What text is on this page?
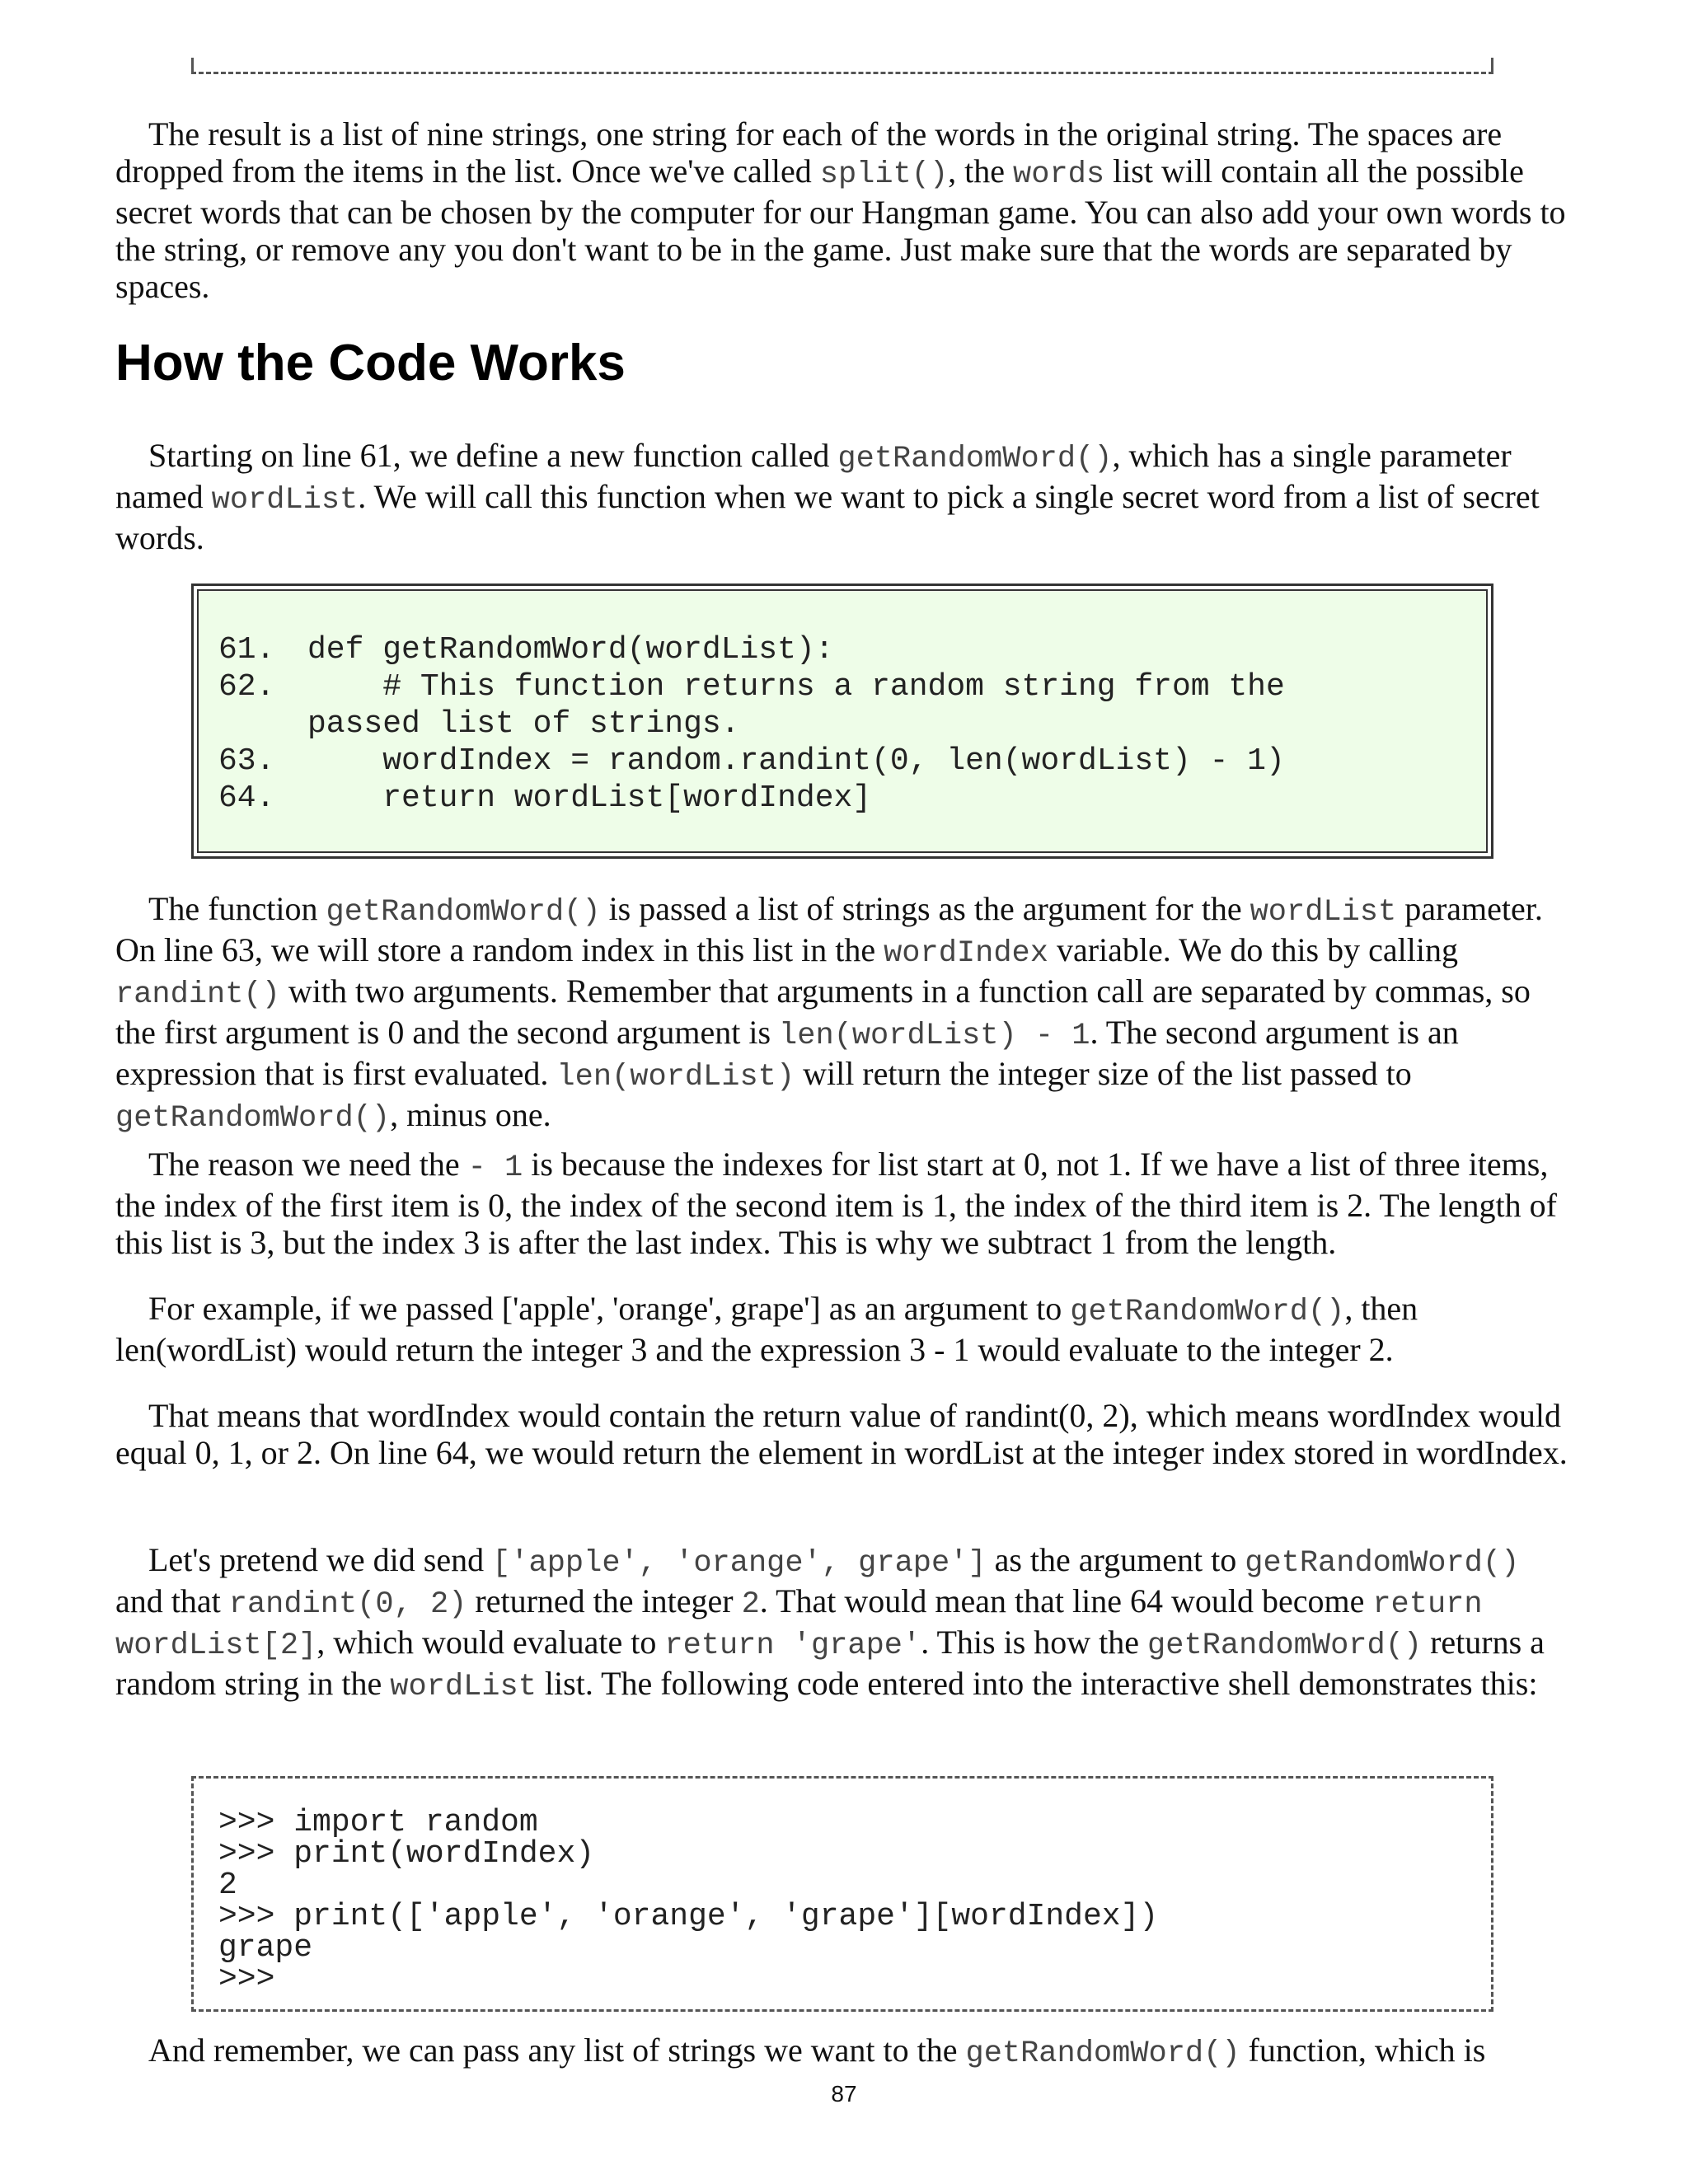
The result is a list of nine strings, one string for each of the words in the original string. The spaces are dropped from the items in the list. Once we've called split(), the words list will contain all the possible secret words that can be chosen by the computer for our Hangman game. You can also add your own words to the string, or remove any you don't want to be in the game. Just make sure that the words are separated by spaces.

How the Code Works

Starting on line 61, we define a new function called getRandomWord(), which has a single parameter named wordList. We will call this function when we want to pick a single secret word from a list of secret words.

61. def getRandomWord(wordList):
62.    # This function returns a random string from the
passed list of strings.
63.    wordIndex = random.randint(0, len(wordList) - 1)
64.    return wordList[wordIndex]

The function getRandomWord() is passed a list of strings as the argument for the wordList parameter. On line 63, we will store a random index in this list in the wordIndex variable. We do this by calling randint() with two arguments. Remember that arguments in a function call are separated by commas, so the first argument is 0 and the second argument is len(wordList) - 1. The second argument is an expression that is first evaluated. len(wordList) will return the integer size of the list passed to getRandomWord(), minus one.

The reason we need the - 1 is because the indexes for list start at 0, not 1. If we have a list of three items, the index of the first item is 0, the index of the second item is 1, the index of the third item is 2. The length of this list is 3, but the index 3 is after the last index. This is why we subtract 1 from the length.

For example, if we passed ['apple', 'orange', grape'] as an argument to getRandomWord(), then len(wordList) would return the integer 3 and the expression 3 - 1 would evaluate to the integer 2.

That means that wordIndex would contain the return value of randint(0, 2), which means wordIndex would equal 0, 1, or 2. On line 64, we would return the element in wordList at the integer index stored in wordIndex.

Let's pretend we did send ['apple', 'orange', grape'] as the argument to getRandomWord() and that randint(0, 2) returned the integer 2. That would mean that line 64 would become return wordList[2], which would evaluate to return 'grape'. This is how the getRandomWord() returns a random string in the wordList list. The following code entered into the interactive shell demonstrates this:

>>> import random
>>> print(wordIndex)
2
>>> print(['apple', 'orange', 'grape'][wordIndex])
grape
>>>

And remember, we can pass any list of strings we want to the getRandomWord() function, which is

87
